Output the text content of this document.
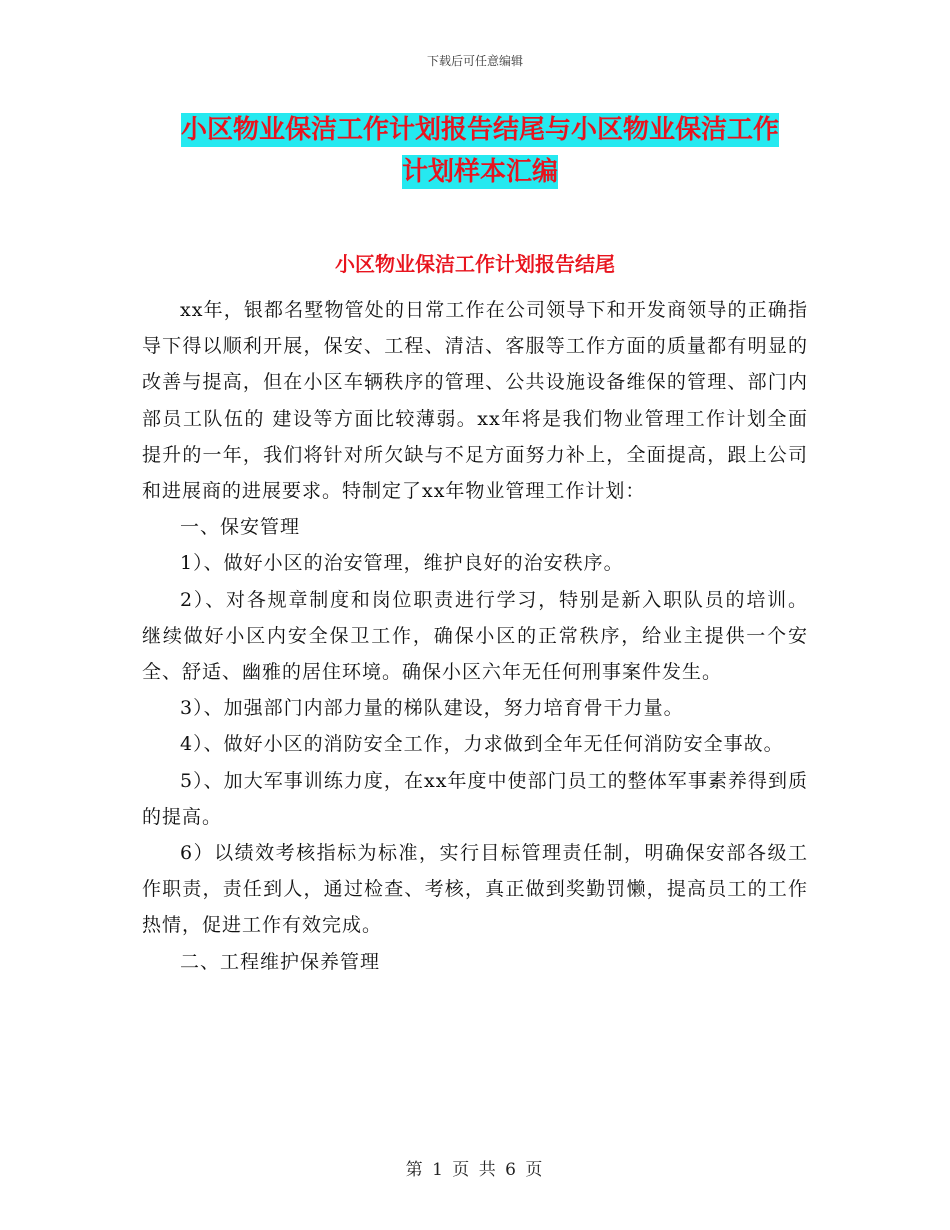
下载后可任意编辑
小区物业保洁工作计划报告结尾与小区物业保洁工作
计划样本汇编
小区物业保洁工作计划报告结尾

xx年，银都名墅物管处的日常工作在公司领导下和开发商领导的正确指导下得以顺利开展，保安、工程、清洁、客服等工作方面的质量都有明显的改善与提高，但在小区车辆秩序的管理、公共设施设备维保的管理、部门内部员工队伍的 建设等方面比较薄弱。xx年将是我们物业管理工作计划全面提升的一年，我们将针对所欠缺与不足方面努力补上，全面提高，跟上公司和进展商的进展要求。特制定了xx年物业管理工作计划：

一、保安管理

1）、做好小区的治安管理，维护良好的治安秩序。

2）、对各规章制度和岗位职责进行学习，特别是新入职队员的培训。 继续做好小区内安全保卫工作，确保小区的正常秩序，给业主提供一个安全、舒适、幽雅的居住环境。确保小区六年无任何刑事案件发生。

3）、加强部门内部力量的梯队建设，努力培育骨干力量。

4）、做好小区的消防安全工作，力求做到全年无任何消防安全事故。

5）、加大军事训练力度，在xx年度中使部门员工的整体军事素养得到质的提高。

6）以绩效考核指标为标准，实行目标管理责任制，明确保安部各级工作职责，责任到人，通过检查、考核，真正做到奖勤罚懒，提高员工的工作热情，促进工作有效完成。

二、工程维护保养管理

第 1 页 共 6 页
